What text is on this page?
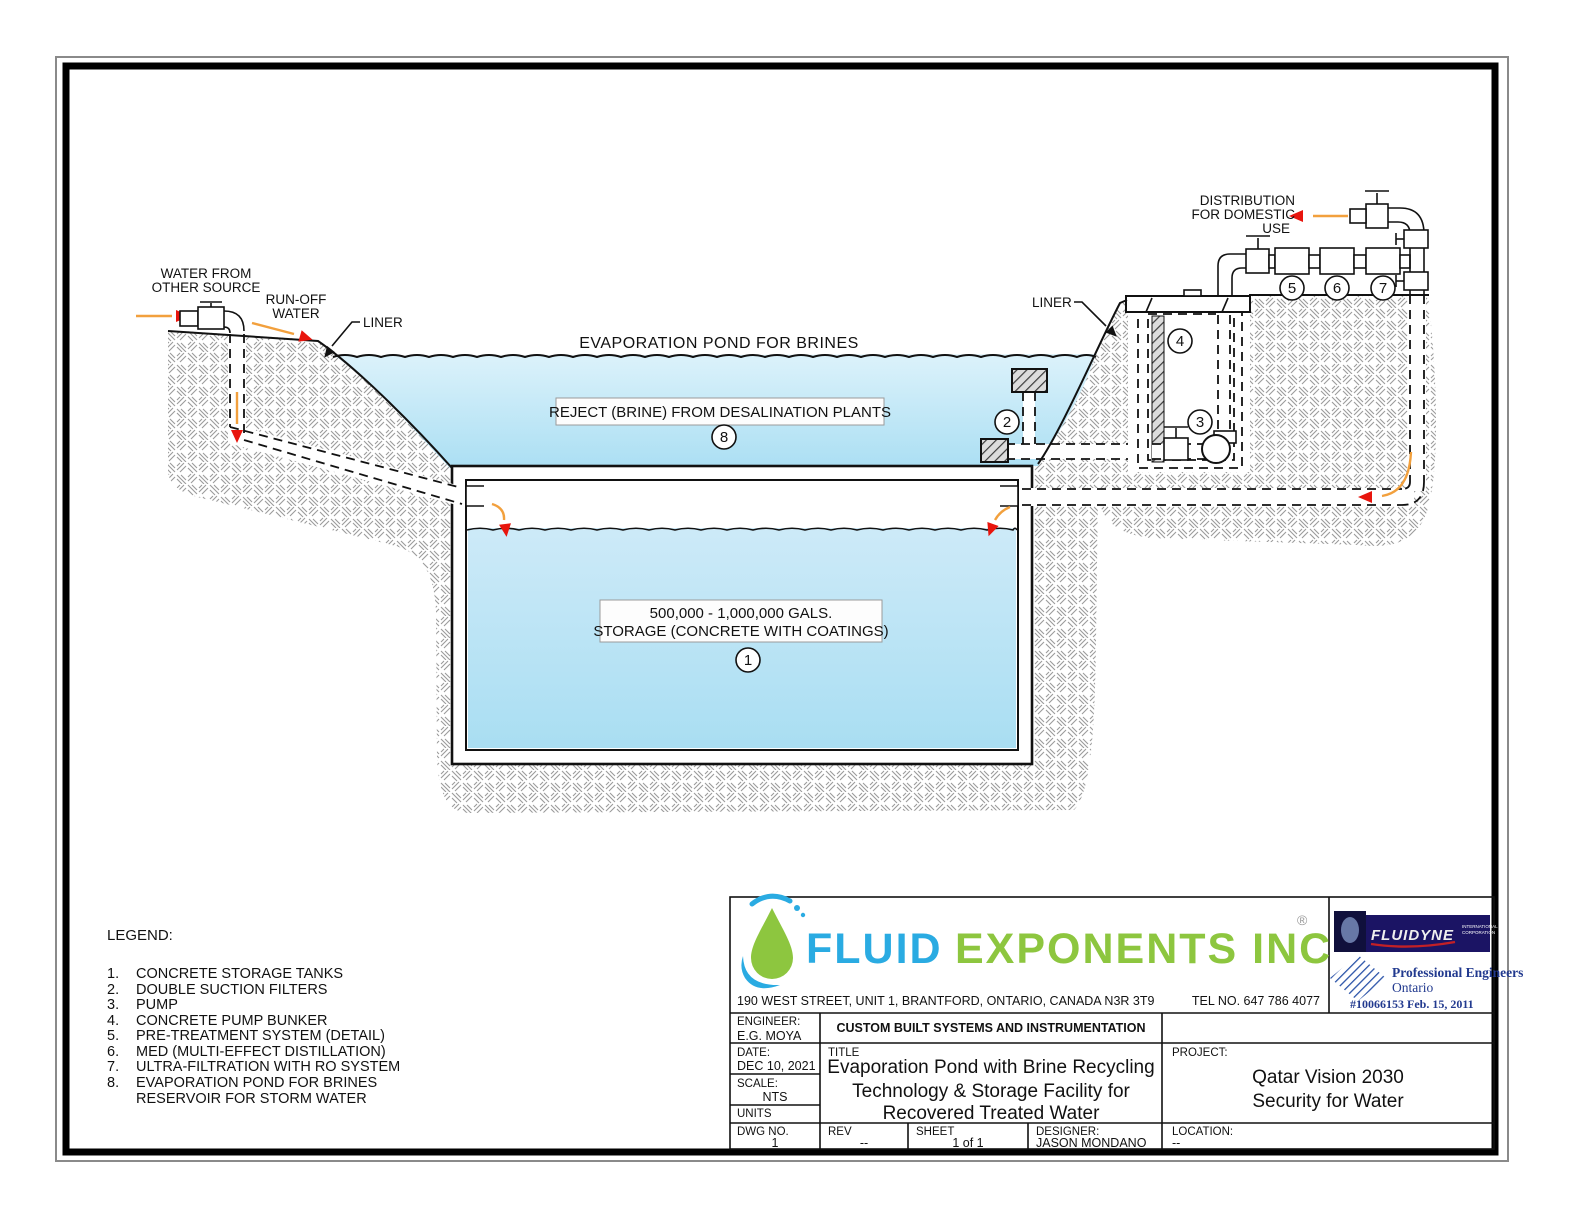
EVAPORATION POND FOR BRINES
REJECT (BRINE) FROM DESALINATION PLANTS
500,000 - 1,000,000 GALS.
STORAGE (CONCRETE WITH COATINGS)
WATER FROM
OTHER SOURCE
RUN-OFF
WATER
LINER
LINER
DISTRIBUTION
FOR DOMESTIC
USE
1
2	3
4
5 6	7
8
LEGEND:
1. CONCRETE STORAGE TANKS
2. DOUBLE SUCTION FILTERS
3. PUMP
4. CONCRETE PUMP BUNKER
5. PRE-TREATMENT SYSTEM (DETAIL)
6. MED (MULTI-EFFECT DISTILLATION)
7. ULTRA-FILTRATION WITH RO SYSTEM
8. EVAPORATION POND FOR BRINES
RESERVOIR FOR STORM WATER
FLUID EXPONENTS INC
®
190 WEST STREET, UNIT 1, BRANTFORD, ONTARIO, CANADA N3R 3T9	TEL NO. 647 786 4077
FLUIDYNE
INTERNATIONAL
CORPORATION
Professional Engineers
Ontario
#10066153 Feb. 15, 2011
ENGINEER:
E.G. MOYA
CUSTOM BUILT SYSTEMS AND INSTRUMENTATION
DATE:
DEC 10, 2021
SCALE:
NTS
UNITS
DWG NO.
1
TITLE
Evaporation Pond with Brine Recycling
Technology & Storage Facility for
Recovered Treated Water
REV
--
SHEET
1 of 1
DESIGNER:
JASON MONDANO
LOCATION:
--
PROJECT:
Qatar Vision 2030
Security for Water
